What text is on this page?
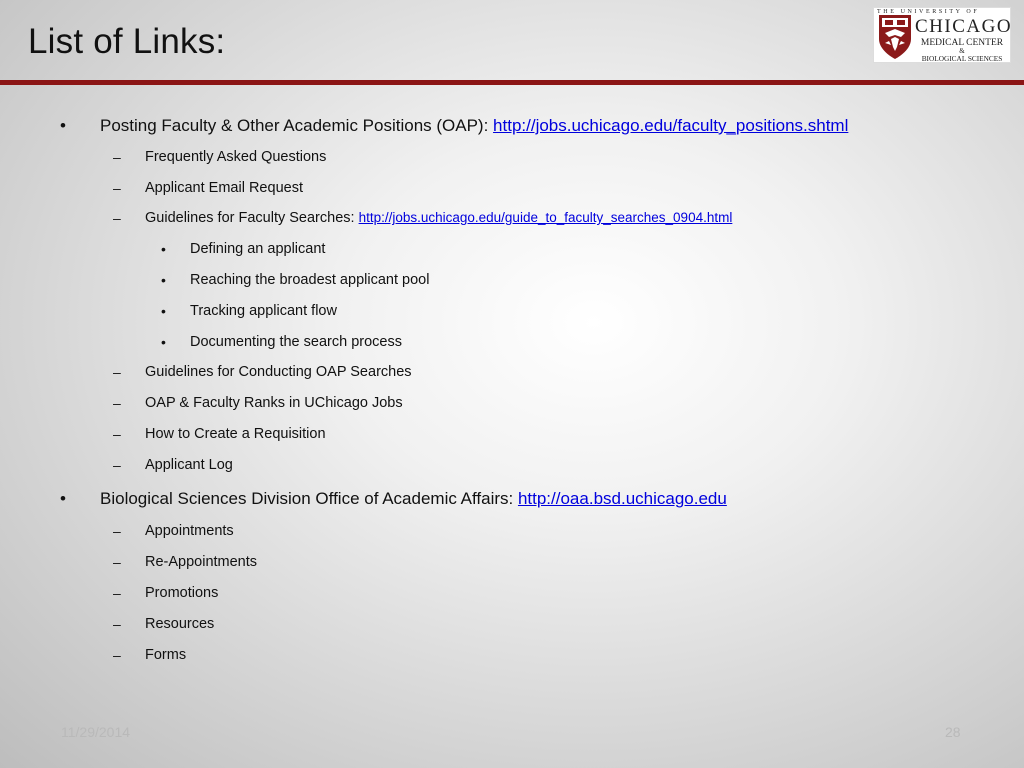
List of Links:
THE UNIVERSITY OF
CHICAGO
MEDICAL CENTER
&
BIOLOGICAL SCIENCES
• Posting Faculty & Other Academic Positions (OAP): http://jobs.uchicago.edu/faculty_positions.shtml
– Frequently Asked Questions
– Applicant Email Request
– Guidelines for Faculty Searches: http://jobs.uchicago.edu/guide_to_faculty_searches_0904.html
• Defining an applicant
• Reaching the broadest applicant pool
• Tracking applicant flow
• Documenting the search process
– Guidelines for Conducting OAP Searches
– OAP & Faculty Ranks in UChicago Jobs
– How to Create a Requisition
– Applicant Log
• Biological Sciences Division Office of Academic Affairs: http://oaa.bsd.uchicago.edu
– Appointments
– Re-Appointments
– Promotions
– Resources
– Forms
11/29/2014	28
